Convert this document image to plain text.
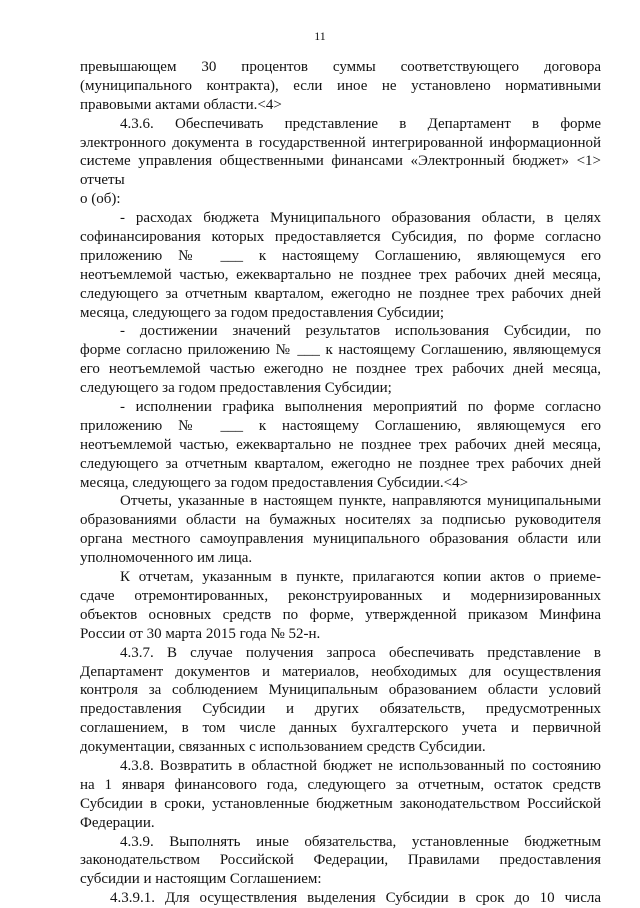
11
превышающем 30 процентов суммы соответствующего договора
(муниципального контракта), если иное не установлено нормативными
правовыми актами области.<4>
4.3.6. Обеспечивать представление в Департамент в форме
электронного документа в государственной интегрированной информационной
системе управления общественными финансами «Электронный бюджет» <1>
отчеты
о (об):
- расходах бюджета Муниципального образования области, в целях
софинансирования которых предоставляется Субсидия, по форме согласно
приложению № ___ к настоящему Соглашению, являющемуся его
неотъемлемой частью, ежеквартально не позднее трех рабочих дней месяца,
следующего за отчетным кварталом, ежегодно не позднее трех рабочих дней
месяца, следующего за годом предоставления Субсидии;
- достижении значений результатов использования Субсидии, по
форме согласно приложению № ___ к настоящему Соглашению, являющемуся
его неотъемлемой частью ежегодно не позднее трех рабочих дней месяца,
следующего за годом предоставления Субсидии;
- исполнении графика выполнения мероприятий по форме согласно
приложению № ___ к настоящему Соглашению, являющемуся его
неотъемлемой частью, ежеквартально не позднее трех рабочих дней месяца,
следующего за отчетным кварталом, ежегодно не позднее трех рабочих дней
месяца, следующего за годом предоставления Субсидии.<4>
Отчеты, указанные в настоящем пункте, направляются муниципальными
образованиями области на бумажных носителях за подписью руководителя
органа местного самоуправления муниципального образования области или
уполномоченного им лица.
К отчетам, указанным в пункте, прилагаются копии актов о приеме-
сдаче отремонтированных, реконструированных и модернизированных
объектов основных средств по форме, утвержденной приказом Минфина
России от 30 марта 2015 года № 52-н.
4.3.7. В случае получения запроса обеспечивать представление в
Департамент документов и материалов, необходимых для осуществления
контроля за соблюдением Муниципальным образованием области условий
предоставления Субсидии и других обязательств, предусмотренных
соглашением, в том числе данных бухгалтерского учета и первичной
документации, связанных с использованием средств Субсидии.
4.3.8. Возвратить в областной бюджет не использованный по состоянию
на 1 января финансового года, следующего за отчетным, остаток средств
Субсидии в сроки, установленные бюджетным законодательством Российской
Федерации.
4.3.9. Выполнять иные обязательства, установленные бюджетным
законодательством Российской Федерации, Правилами предоставления
субсидии и настоящим Соглашением:
4.3.9.1. Для осуществления выделения Субсидии в срок до 10 числа
